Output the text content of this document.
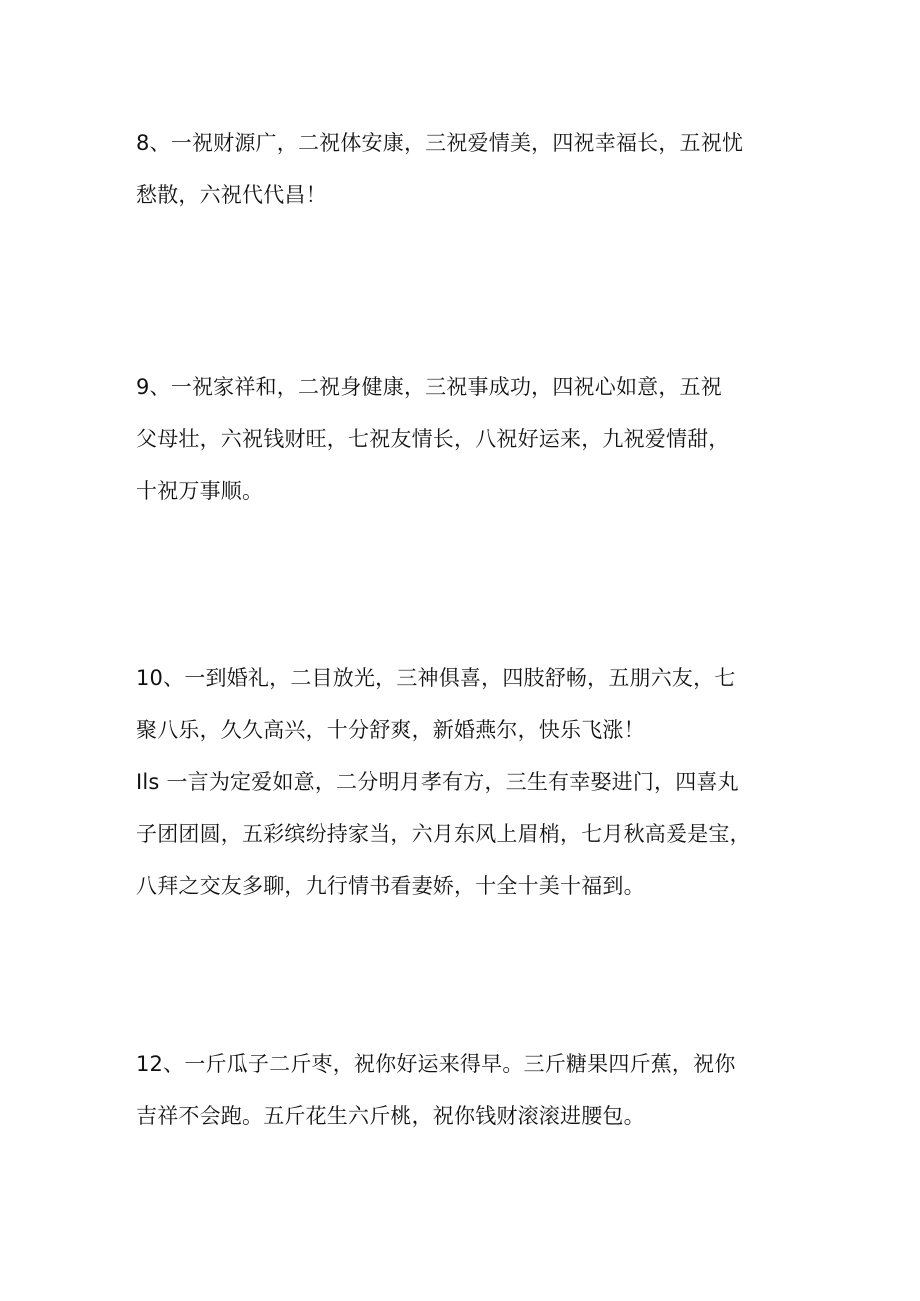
8、一祝财源广，二祝体安康，三祝爱情美，四祝幸福长，五祝忧
愁散，六祝代代昌！
9、一祝家祥和，二祝身健康，三祝事成功，四祝心如意，五祝
父母壮，六祝钱财旺，七祝友情长，八祝好运来，九祝爱情甜，
十祝万事顺。
10、一到婚礼，二目放光，三神俱喜，四肢舒畅，五朋六友，七
聚八乐，久久高兴，十分舒爽，新婚燕尔，快乐飞涨！
Ils 一言为定爱如意，二分明月孝有方，三生有幸娶进门，四喜丸
子团团圆，五彩缤纷持家当，六月东风上眉梢，七月秋高爰是宝，
八拜之交友多聊，九行情书看妻娇，十全十美十福到。
12、一斤瓜子二斤枣，祝你好运来得早。三斤糖果四斤蕉，祝你
吉祥不会跑。五斤花生六斤桃，祝你钱财滚滚进腰包。
